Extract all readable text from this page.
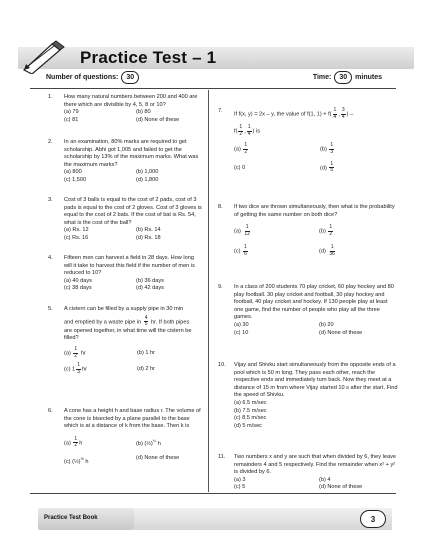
Practice Test – 1
Number of questions:	30	Time:	30	minutes
1. How many natural numbers between 200 and 400 are there which are divisible by 4, 5, 8 or 10?
(a) 79	(b) 80
(c) 81	(d) None of these
2. In an examination, 80% marks are required to get scholarship. Abhi got 1,005 and failed to get the scholarship by 13% of the maximum marks. What was the maximum marks?
(a) 800	(b) 1,000
(c) 1,500	(d) 1,800
3. Cost of 3 balls is equal to the cost of 2 pads, cost of 3 pads is equal to the cost of 2 gloves. Cost of 3 gloves is equal to the cost of 2 bats. If the cost of bat is Rs. 54, what is the cost of the ball?
(a) Rs. 12	(b) Rs. 14
(c) Rs. 16	(d) Rs. 18
4. Fifteen men can harvest a field in 28 days. How long will it take to harvest this field if the number of men is reduced to 10?
(a) 40 days	(b) 36 days
(c) 38 days	(d) 42 days
5. A cistern can be filled by a supply pipe in 30 min
and emptied by a waste pipe in $\frac{4}{5}$ hr. If both pipes
are opened together, in what time will the cistern be filled?
$(a) \frac{1}{2}$ hr	(b) 1 hr
(c) $1 \frac{1}{3}$ hr	(d) 2 hr
6. A cone has a height h and base radius r. The volume of the cone is bisected by a plane parallel to the base which is at a distance of k from the base. Then k is
$(a) \frac{1}{2}$ h	(b) (½)$^{\frac{1}{3}}$ h
(c) (½)$^{\frac{1}{2}}$ h
(d) None of these
7.
If f(x, y) = 2x – y, the value of f(1, $1) + f( \frac{1}{4}$ , $\frac{3}{4}$ ) –
$f( \frac{1}{2}$ , $\frac{1}{4}$ ) is
$(a) \frac{1}{2}$	$(b) \frac{1}{3}$
(c) 0	$(d) \frac{1}{5}$
8. If two dice are thrown simultaneously, then what is the probability of getting the same number on both dice?
$(a) \frac{1}{12}$	$(b) \frac{1}{2}$
$(c) \frac{1}{6}$	$(d) \frac{1}{36}$
9. In a class of 200 students 70 play cricket, 60 play hockey and 80 play football. 30 play cricket and football, 30 play hockey and football, 40 play cricket and hockey. If 130 people play at least one game, find the number of people who play all the three games.
(a) 30	(b) 20
(c) 10	(d) None of these
10. Vijay and Shivku start simultaneously from the opposite ends of a pool which is 50 m long. They pass each other, reach the respective ends and immediately turn back. Now they meet at a distance of 15 m from where Vijay started 10 s after the start. Find the speed of Shivku.
(a) 6.5 m/sec
(b) 7.5 m/sec
(c) 8.5 m/sec
(d) 5 m/sec
11. Two numbers x and y are such that when divided by 6, they leave remainders 4 and 5 respectively. Find the remainder when x² + y² is divided by 6.
(a) 3	(b) 4
(c) 5	(d) None of these
Practice Test Book	3
